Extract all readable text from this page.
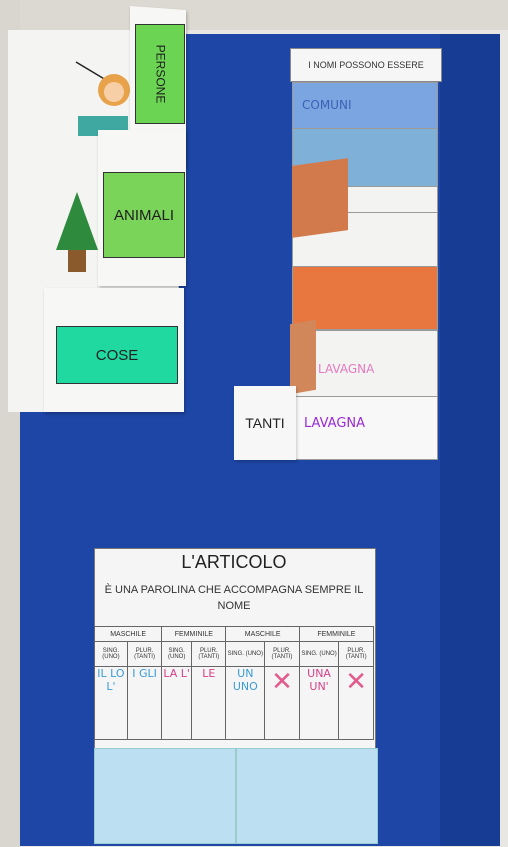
PERSONE
ANIMALI
COSE
I NOMI POSSONO ESSERE
COMUNI
LAVAGNA
TANTI	LAVAGNA
L'ARTICOLO
È UNA PAROLINA CHE ACCOMPAGNA SEMPRE IL NOME
MASCHILE		FEMMINILE		MASCHILE		FEMMINILE	
SING. (UNO)	PLUR. (TANTI)	SING. (UNO)	PLUR. (TANTI)	SING. (UNO)	PLUR. (TANTI)	SING. (UNO)	PLUR. (TANTI)
IL LO L'	I GLI	LA L'	LE	UN UNO	✕	UNA UN'	✕
